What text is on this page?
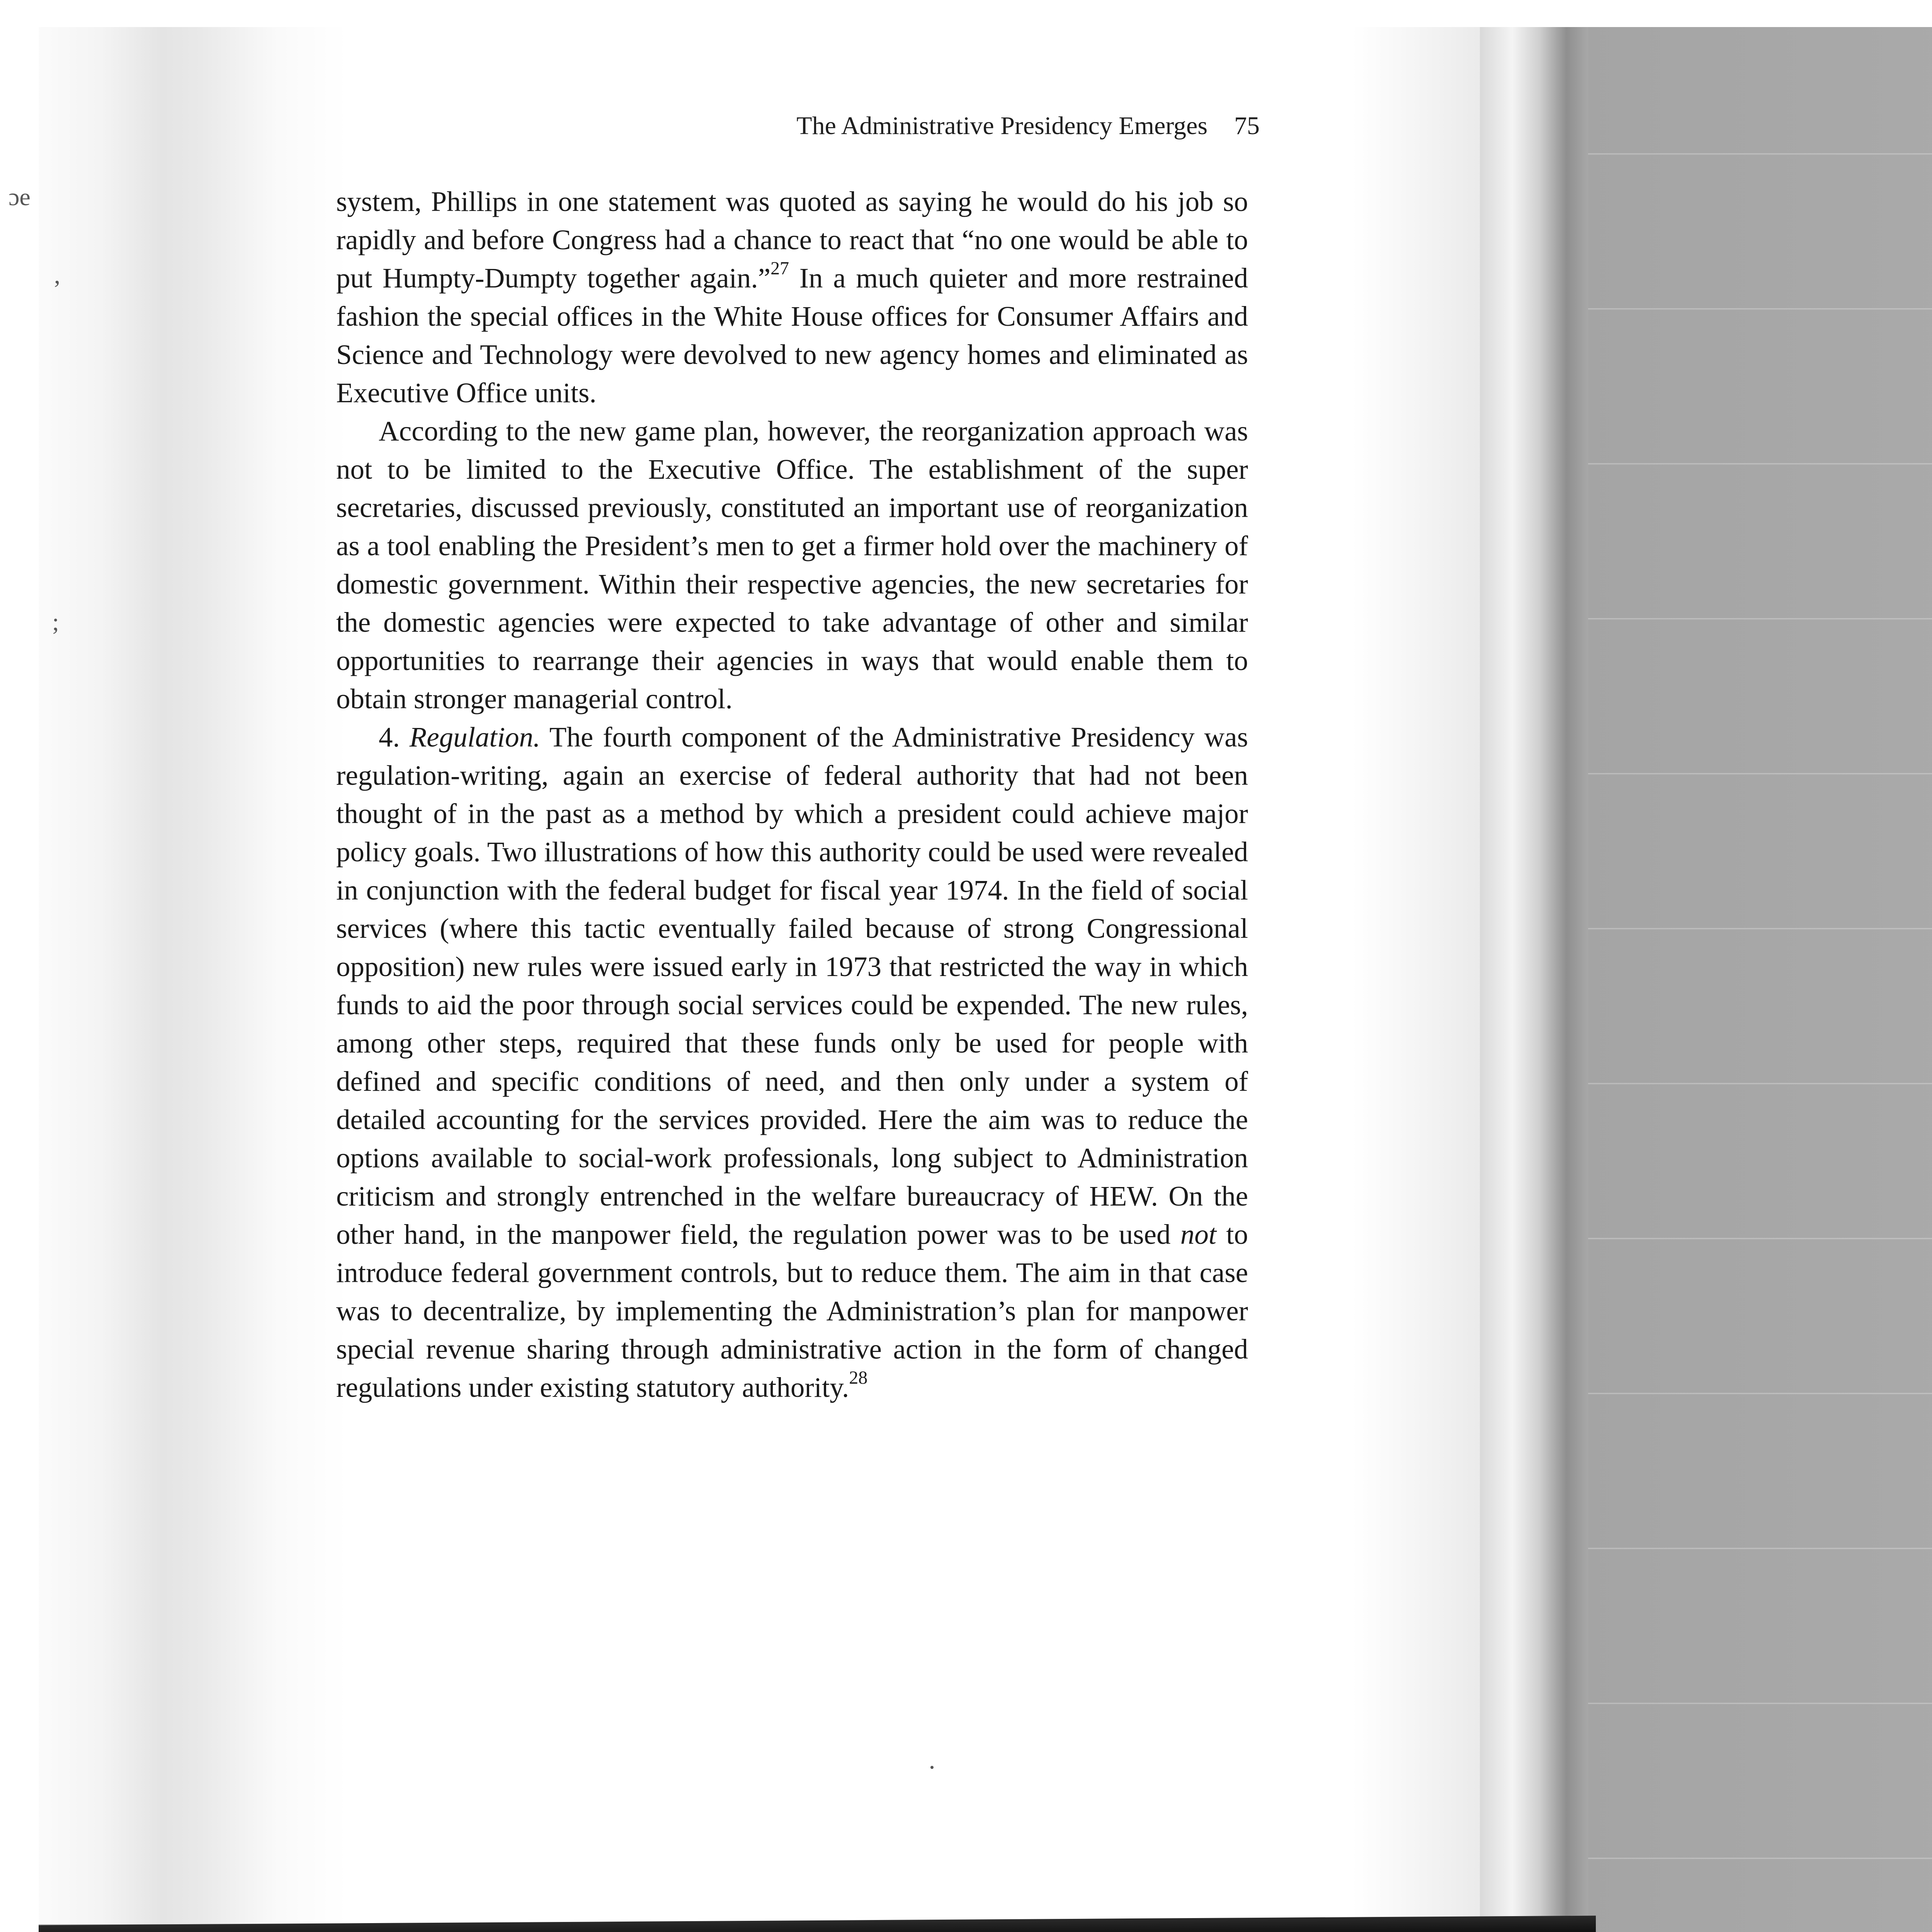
ɔe
,
;
The Administrative Presidency Emerges 75

system, Phillips in one statement was quoted as saying he would do his job so rapidly and before Congress had a chance to react that “no one would be able to put Humpty-Dumpty together again.”$^{27}$ In a much quieter and more restrained fashion the special offices in the White House offices for Consumer Affairs and Science and Technology were devolved to new agency homes and eliminated as Executive Office units.

According to the new game plan, however, the reorganization approach was not to be limited to the Executive Office. The establishment of the super secretaries, discussed previously, constituted an important use of reorganization as a tool enabling the President’s men to get a firmer hold over the machinery of domestic government. Within their respective agencies, the new secretaries for the domestic agencies were expected to take advantage of other and similar opportunities to rearrange their agencies in ways that would enable them to obtain stronger managerial control.

4. Regulation. The fourth component of the Administrative Presidency was regulation-writing, again an exercise of federal authority that had not been thought of in the past as a method by which a president could achieve major policy goals. Two illustrations of how this authority could be used were revealed in conjunction with the federal budget for fiscal year 1974. In the field of social services (where this tactic eventually failed because of strong Congressional opposition) new rules were issued early in 1973 that restricted the way in which funds to aid the poor through social services could be expended. The new rules, among other steps, required that these funds only be used for people with defined and specific conditions of need, and then only under a system of detailed accounting for the services provided. Here the aim was to reduce the options available to social-work professionals, long subject to Administration criticism and strongly entrenched in the welfare bureaucracy of HEW. On the other hand, in the manpower field, the regulation power was to be used not to introduce federal government controls, but to reduce them. The aim in that case was to decentralize, by implementing the Administration’s plan for manpower special revenue sharing through administrative action in the form of changed regulations under existing statutory authority.$^{28}$
